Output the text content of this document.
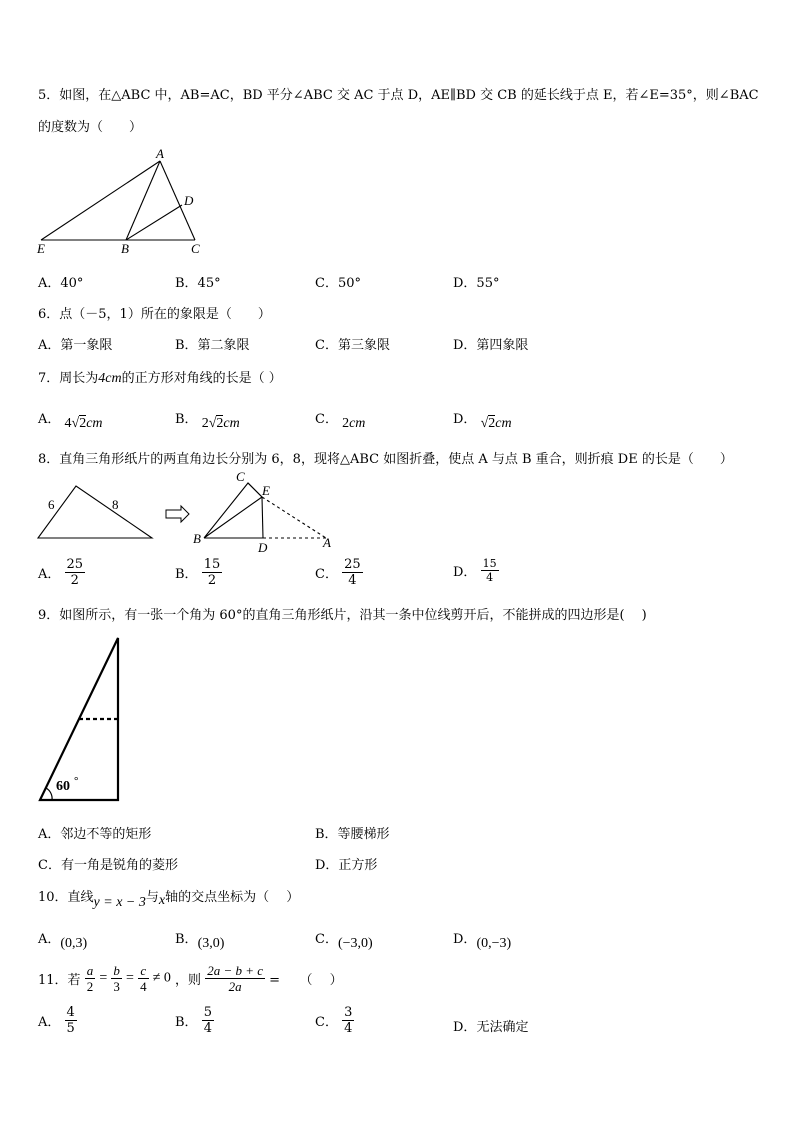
5．如图，在△ABC 中，AB=AC，BD 平分∠ABC 交 AC 于点 D，AE∥BD 交 CB 的延长线于点 E，若∠E=35°，则∠BAC
的度数为（　　）
A
D
E	B	C
A．40°	B．45°	C．50°	D．55°
6．点（－5，1）所在的象限是（　　）
A．第一象限	B．第二象限	C．第三象限	D．第四象限
7．周长为4cm的正方形对角线的长是（ ）
A． 4√2cm	B． 2√2cm	C． 2cm	D． √2cm
8．直角三角形纸片的两直角边长分别为 6，8，现将△ABC 如图折叠，使点 A 与点 B 重合，则折痕 DE 的长是（　　）
6	8
C
E
B
D	A
A． $\frac{25}{2}$	B． $\frac{15}{2}$	C． $\frac{25}{4}$	D． $\frac{15}{4}$
9．如图所示，有一张一个角为 60°的直角三角形纸片，沿其一条中位线剪开后，不能拼成的四边形是(　 )
60 °
A．邻边不等的矩形	B．等腰梯形
C．有一角是锐角的菱形	D．正方形
10．直线y = x − 3与x轴的交点坐标为（　 ）
A．(0,3)	B．(3,0)	C．(−3,0)	D．(0,−3)
11．若 $\frac{a}{2} = \frac{b}{3} = \frac{c}{4} \ne 0$ ，则 $\frac{2a - b + c}{2a}$ =　　（　 ）
A． $\frac{4}{5}$	B． $\frac{5}{4}$	C． $\frac{3}{4}$	D．无法确定
